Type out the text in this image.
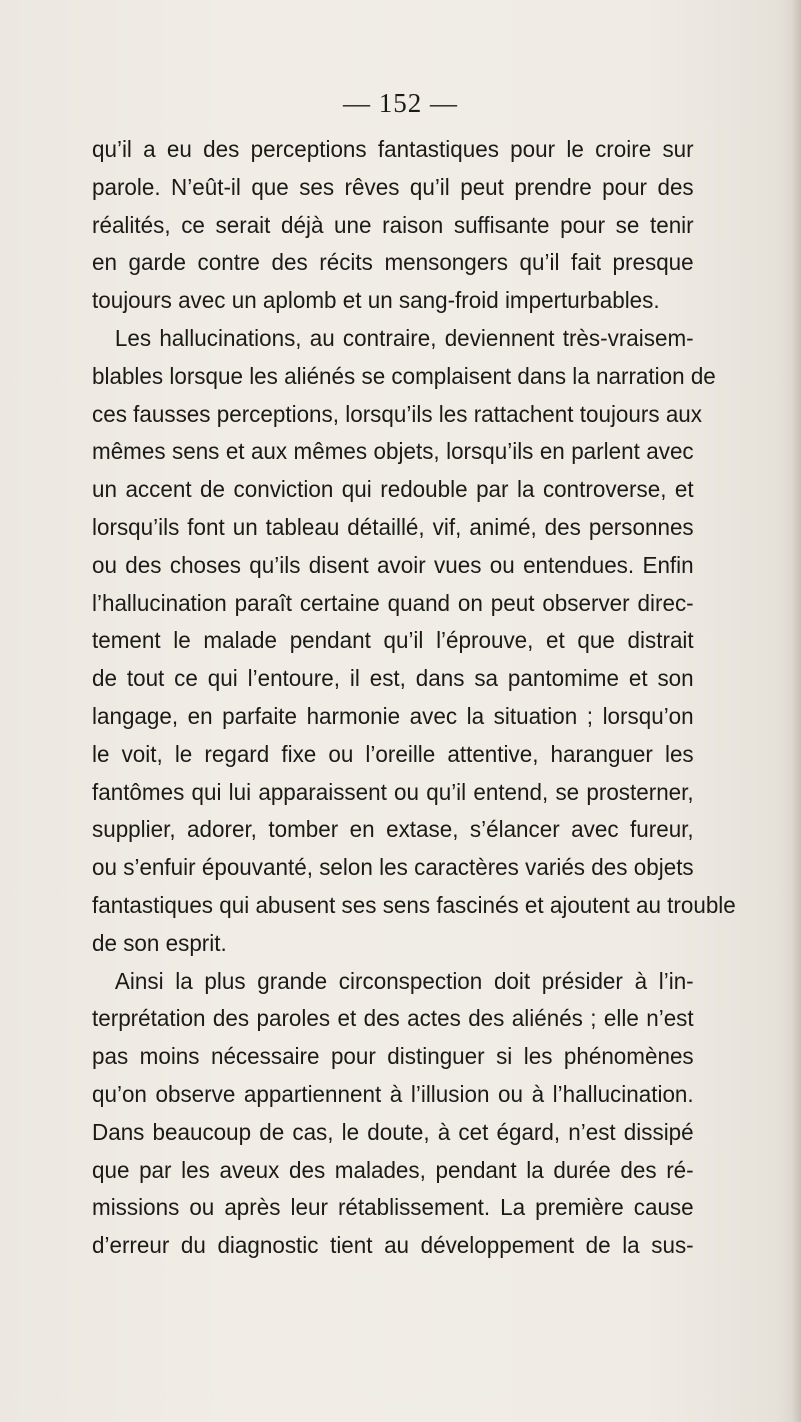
— 152 —
qu’il a eu des perceptions fantastiques pour le croire sur
parole. N’eût-il que ses rêves qu’il peut prendre pour des
réalités, ce serait déjà une raison suffisante pour se tenir
en garde contre des récits mensongers qu’il fait presque
toujours avec un aplomb et un sang-froid imperturbables.
Les hallucinations, au contraire, deviennent très-vraisem-
blables lorsque les aliénés se complaisent dans la narration de
ces fausses perceptions, lorsqu’ils les rattachent toujours aux
mêmes sens et aux mêmes objets, lorsqu’ils en parlent avec
un accent de conviction qui redouble par la controverse, et
lorsqu’ils font un tableau détaillé, vif, animé, des personnes
ou des choses qu’ils disent avoir vues ou entendues. Enfin
l’hallucination paraît certaine quand on peut observer direc-
tement le malade pendant qu’il l’éprouve, et que distrait
de tout ce qui l’entoure, il est, dans sa pantomime et son
langage, en parfaite harmonie avec la situation ; lorsqu’on
le voit, le regard fixe ou l’oreille attentive, haranguer les
fantômes qui lui apparaissent ou qu’il entend, se prosterner,
supplier, adorer, tomber en extase, s’élancer avec fureur,
ou s’enfuir épouvanté, selon les caractères variés des objets
fantastiques qui abusent ses sens fascinés et ajoutent au trouble
de son esprit.
Ainsi la plus grande circonspection doit présider à l’in-
terprétation des paroles et des actes des aliénés ; elle n’est
pas moins nécessaire pour distinguer si les phénomènes
qu’on observe appartiennent à l’illusion ou à l’hallucination.
Dans beaucoup de cas, le doute, à cet égard, n’est dissipé
que par les aveux des malades, pendant la durée des ré-
missions ou après leur rétablissement. La première cause
d’erreur du diagnostic tient au développement de la sus-
